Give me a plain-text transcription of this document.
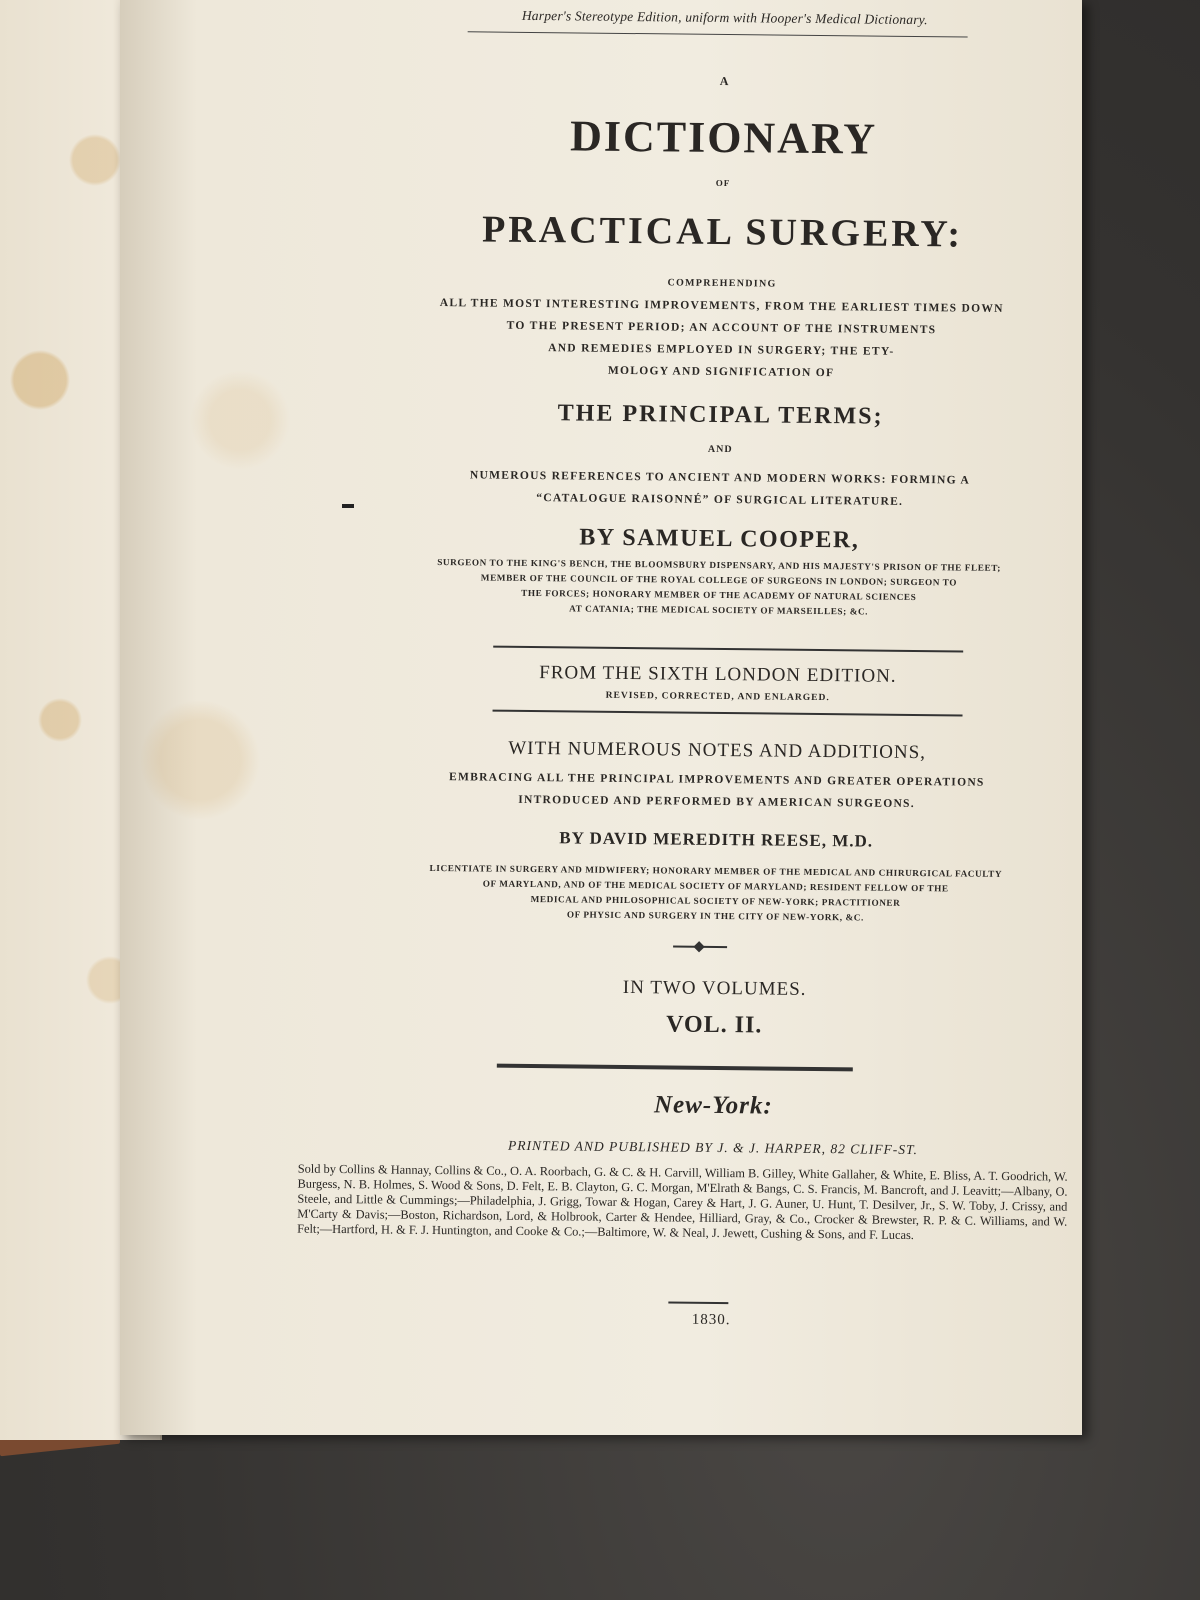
Harper's Stereotype Edition, uniform with Hooper's Medical Dictionary.
A
DICTIONARY
OF
PRACTICAL SURGERY:
COMPREHENDING
ALL THE MOST INTERESTING IMPROVEMENTS, FROM THE EARLIEST TIMES DOWN
TO THE PRESENT PERIOD; AN ACCOUNT OF THE INSTRUMENTS
AND REMEDIES EMPLOYED IN SURGERY; THE ETY-
MOLOGY AND SIGNIFICATION OF
THE PRINCIPAL TERMS;
AND
NUMEROUS REFERENCES TO ANCIENT AND MODERN WORKS: FORMING A
“CATALOGUE RAISONNÉ” OF SURGICAL LITERATURE.
BY SAMUEL COOPER,
SURGEON TO THE KING'S BENCH, THE BLOOMSBURY DISPENSARY, AND HIS MAJESTY'S PRISON OF THE FLEET;
MEMBER OF THE COUNCIL OF THE ROYAL COLLEGE OF SURGEONS IN LONDON; SURGEON TO
THE FORCES; HONORARY MEMBER OF THE ACADEMY OF NATURAL SCIENCES
AT CATANIA; THE MEDICAL SOCIETY OF MARSEILLES; &C.
FROM THE SIXTH LONDON EDITION.
REVISED, CORRECTED, AND ENLARGED.
WITH NUMEROUS NOTES AND ADDITIONS,
EMBRACING ALL THE PRINCIPAL IMPROVEMENTS AND GREATER OPERATIONS
INTRODUCED AND PERFORMED BY AMERICAN SURGEONS.
BY DAVID MEREDITH REESE, M.D.
LICENTIATE IN SURGERY AND MIDWIFERY; HONORARY MEMBER OF THE MEDICAL AND CHIRURGICAL FACULTY
OF MARYLAND, AND OF THE MEDICAL SOCIETY OF MARYLAND; RESIDENT FELLOW OF THE
MEDICAL AND PHILOSOPHICAL SOCIETY OF NEW-YORK; PRACTITIONER
OF PHYSIC AND SURGERY IN THE CITY OF NEW-YORK, &C.
IN TWO VOLUMES.
VOL. II.
New-York:
PRINTED AND PUBLISHED BY J. & J. HARPER, 82 CLIFF-ST.
Sold by Collins & Hannay, Collins & Co., O. A. Roorbach, G. & C. & H. Carvill, William B. Gilley, White Gallaher, & White, E. Bliss, A. T. Goodrich, W. Burgess, N. B. Holmes, S. Wood & Sons, D. Felt, E. B. Clayton, G. C. Morgan, M'Elrath & Bangs, C. S. Francis, M. Bancroft, and J. Leavitt;—Albany, O. Steele, and Little & Cummings;—Philadelphia, J. Grigg, Towar & Hogan, Carey & Hart, J. G. Auner, U. Hunt, T. Desilver, Jr., S. W. Toby, J. Crissy, and M'Carty & Davis;—Boston, Richardson, Lord, & Holbrook, Carter & Hendee, Hilliard, Gray, & Co., Crocker & Brewster, R. P. & C. Williams, and W. Felt;—Hartford, H. & F. J. Huntington, and Cooke & Co.;—Baltimore, W. & Neal, J. Jewett, Cushing & Sons, and F. Lucas.
1830.
